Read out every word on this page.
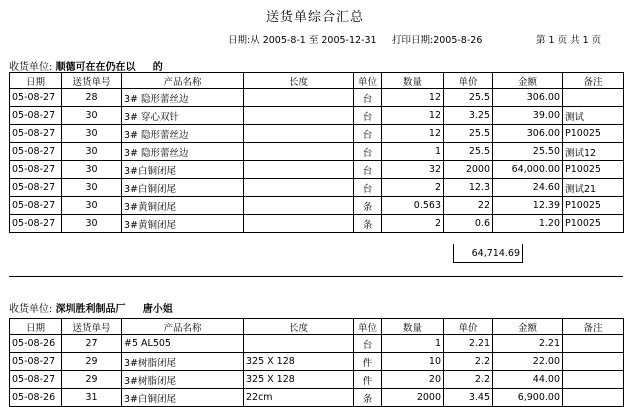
送货单综合汇总
日期:从 2005-8-1 至 2005-12-31 打印日期:2005-8-26	第 1 页 共 1 页
收货单位: 顺德可在在仍在以 的
日期	送货单号	产品名称	长度	单位	数量	单价	金额	备注
05-08-27	28	3# 隐形蕾丝边		台	12	25.5	306.00	
05-08-27	30	3# 穿心双针		台	12	3.25	39.00	测试
05-08-27	30	3# 隐形蕾丝边		台	12	25.5	306.00	P10025
05-08-27	30	3# 隐形蕾丝边		台	1	25.5	25.50	测试12
05-08-27	30	3#白铜闭尾		台	32	2000	64,000.00	P10025
05-08-27	30	3#白铜闭尾		台	2	12.3	24.60	测试21
05-08-27	30	3#黄铜闭尾		条	0.563	22	12.39	P10025
05-08-27	30	3#黄铜闭尾		条	2	0.6	1.20	P10025
64,714.69
收货单位: 深圳胜利制品厂 唐小姐
日期	送货单号	产品名称	长度	单位	数量	单价	金额	备注
05-08-26	27	#5 AL505		台	1	2.21	2.21	
05-08-27	29	3#树脂闭尾	325 X 128	件	10	2.2	22.00	
05-08-27	29	3#树脂闭尾	325 X 128	件	20	2.2	44.00	
05-08-26	31	3#白铜闭尾	22cm	条	2000	3.45	6,900.00	
